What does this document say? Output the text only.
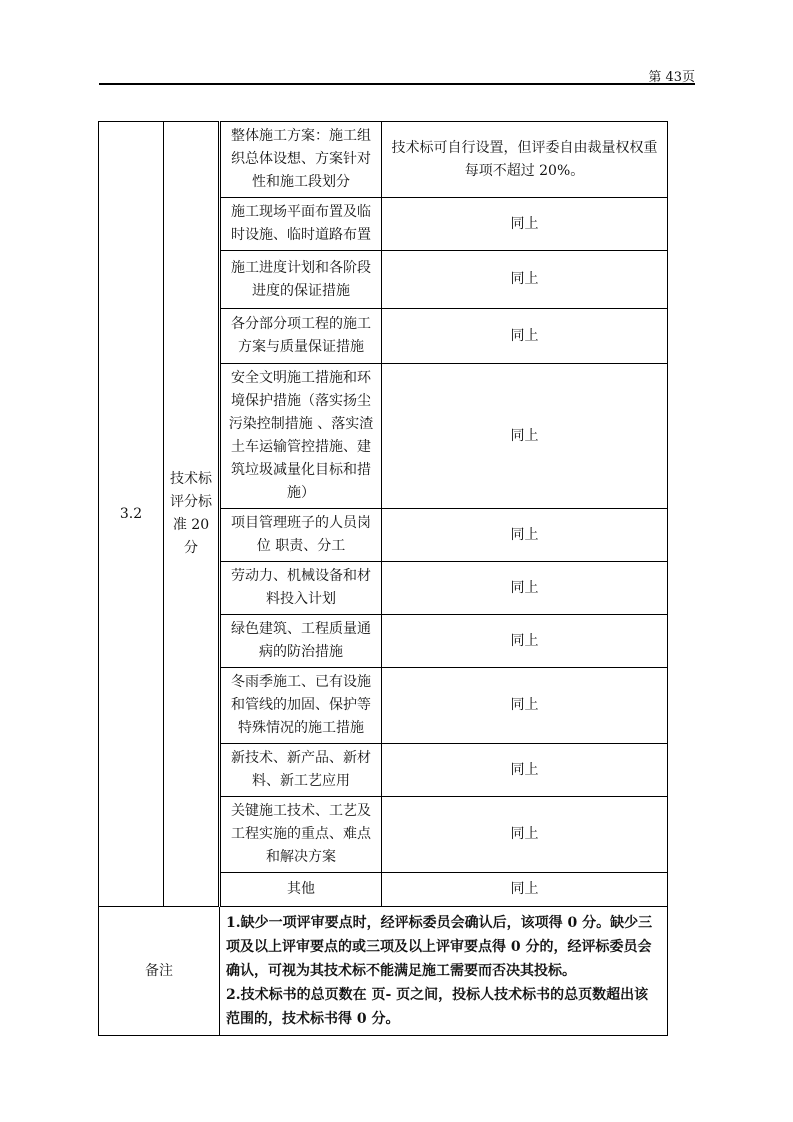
第 43页
3.2	技术标评分标准 20 分	整体施工方案：施工组织总体设想、方案针对性和施工段划分	技术标可自行设置，但评委自由裁量权权重每项不超过 20%。
		施工现场平面布置及临时设施、临时道路布置	同上
		施工进度计划和各阶段进度的保证措施	同上
		各分部分项工程的施工方案与质量保证措施	同上
		安全文明施工措施和环境保护措施（落实扬尘污染控制措施 、落实渣土车运输管控措施、建筑垃圾减量化目标和措施）	同上
		项目管理班子的人员岗位 职责、分工	同上
		劳动力、机械设备和材料投入计划	同上
		绿色建筑、工程质量通病的防治措施	同上
		冬雨季施工、已有设施和管线的加固、保护等特殊情况的施工措施	同上
		新技术、新产品、新材料、新工艺应用	同上
		关键施工技术、工艺及工程实施的重点、难点和解决方案	同上
		其他	同上
备注		1.缺少一项评审要点时，经评标委员会确认后，该项得 0 分。缺少三项及以上评审要点的或三项及以上评审要点得 0 分的，经评标委员会确认，可视为其技术标不能满足施工需要而否决其投标。
2.技术标书的总页数在 页- 页之间，投标人技术标书的总页数超出该范围的，技术标书得 0 分。	
